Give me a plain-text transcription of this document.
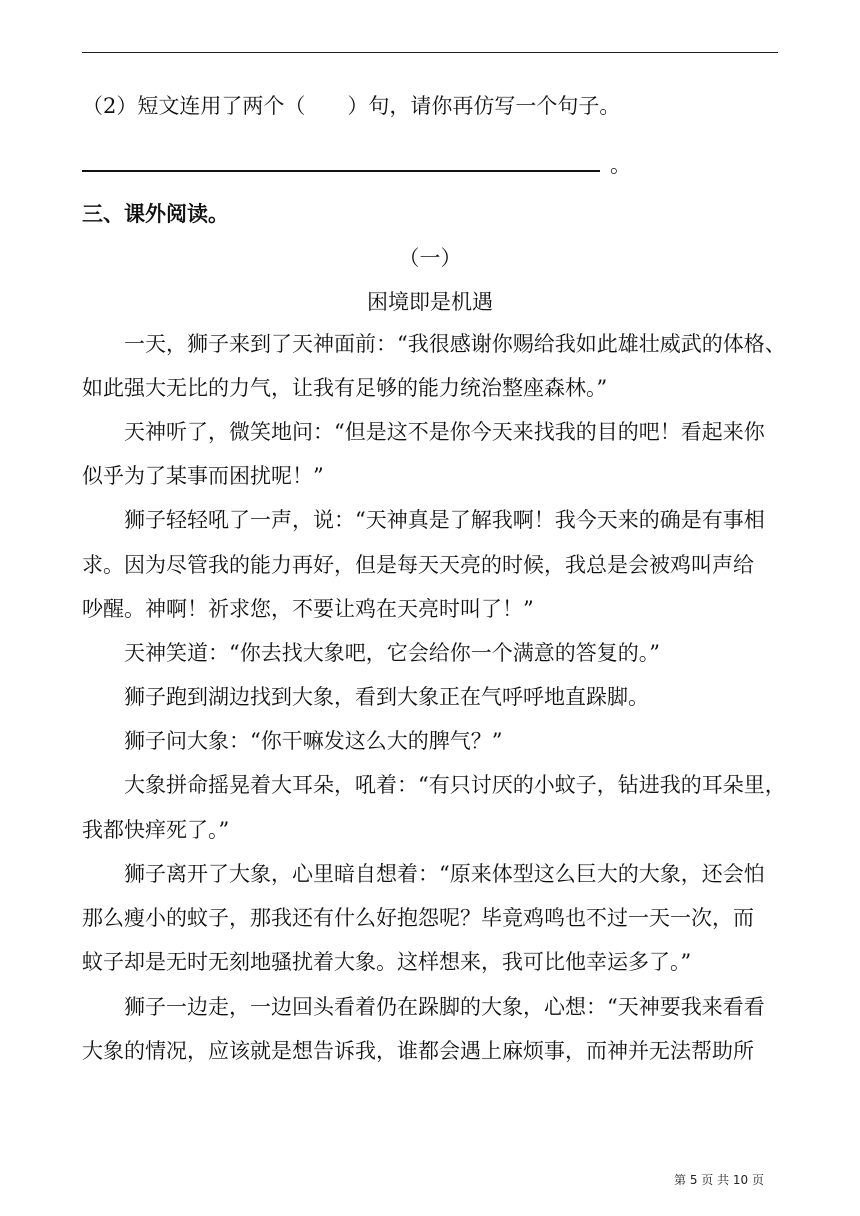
（2）短文连用了两个（　　）句，请你再仿写一个句子。
。
三、课外阅读。
（一）
困境即是机遇
一天，狮子来到了天神面前：“我很感谢你赐给我如此雄壮威武的体格、
如此强大无比的力气，让我有足够的能力统治整座森林。”
天神听了，微笑地问：“但是这不是你今天来找我的目的吧！看起来你
似乎为了某事而困扰呢！”
狮子轻轻吼了一声，说：“天神真是了解我啊！我今天来的确是有事相
求。因为尽管我的能力再好，但是每天天亮的时候，我总是会被鸡叫声给
吵醒。神啊！祈求您，不要让鸡在天亮时叫了！”
天神笑道：“你去找大象吧，它会给你一个满意的答复的。”
狮子跑到湖边找到大象，看到大象正在气呼呼地直跺脚。
狮子问大象：“你干嘛发这么大的脾气？”
大象拼命摇晃着大耳朵，吼着：“有只讨厌的小蚊子，钻进我的耳朵里，
我都快痒死了。”
狮子离开了大象，心里暗自想着：“原来体型这么巨大的大象，还会怕
那么瘦小的蚊子，那我还有什么好抱怨呢？毕竟鸡鸣也不过一天一次，而
蚊子却是无时无刻地骚扰着大象。这样想来，我可比他幸运多了。”
狮子一边走，一边回头看着仍在跺脚的大象，心想：“天神要我来看看
大象的情况，应该就是想告诉我，谁都会遇上麻烦事，而神并无法帮助所
第 5 页 共 10 页
